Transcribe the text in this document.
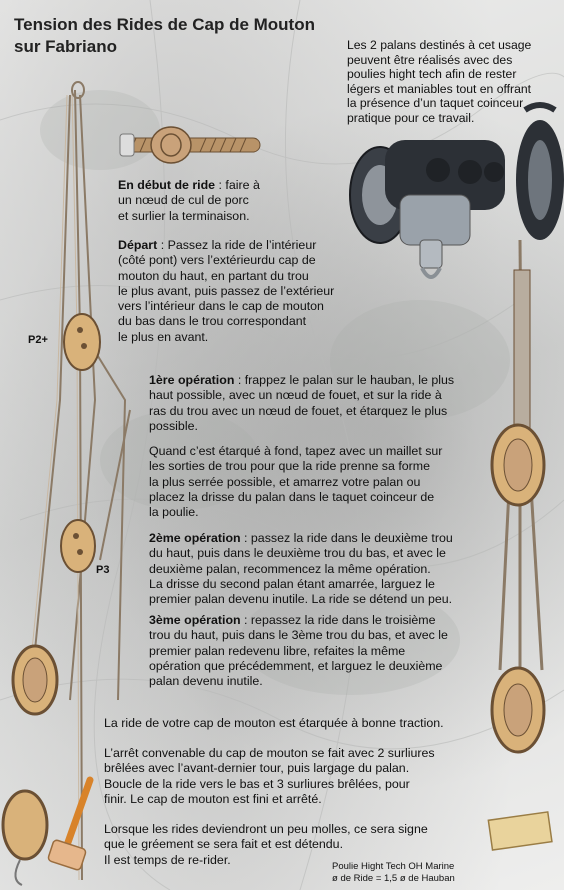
Tension des Rides de Cap de Mouton
sur Fabriano	Les 2 palans destinés à cet usage

peuvent être réalisés avec des

poulies hight tech afin de rester

légers et maniables tout en offrant

la présence d’un taquet coinceur

pratique pour ce travail.

P2+
P3

En début de ride : faire à

un nœud de cul de porc

et surlier la terminaison.

Départ : Passez la ride de l’intérieur

(côté pont) vers l’extérieurdu cap de

mouton du haut, en partant du trou

le plus avant, puis passez de l’extérieur

vers l’intérieur dans le cap de mouton

du bas dans le trou correspondant

le plus en avant.

1ère opération : frappez le palan sur le hauban, le plus

haut possible, avec un nœud de fouet, et sur la ride à

ras du trou avec un nœud de fouet, et étarquez le plus

possible.

Quand c’est étarqué à fond, tapez avec un maillet sur

les sorties de trou pour que la ride prenne sa forme

la plus serrée possible, et amarrez votre palan ou

placez la drisse du palan dans le taquet coinceur de

la poulie.

2ème opération : passez la ride dans le deuxième trou

du haut, puis dans le deuxième trou du bas, et avec le

deuxième palan, recommencez la même opération.

La drisse du second palan étant amarrée, larguez le

premier palan devenu inutile. La ride se détend un peu.

3ème opération : repassez la ride dans le troisième

trou du haut, puis dans le 3ème trou du bas, et avec le

premier palan redevenu libre, refaites la même

opération que précédemment, et larguez le deuxième

palan devenu inutile.

La ride de votre cap de mouton est étarquée à bonne traction.

L’arrêt convenable du cap de mouton se fait avec 2 surliures

brêlées avec l’avant-dernier tour, puis largage du palan.

Boucle de la ride vers le bas et 3 surliures brêlées, pour

finir. Le cap de mouton est fini et arrêté.

Lorsque les rides deviendront un peu molles, ce sera signe

que le gréement se sera fait et est détendu.

Il est temps de re-rider.	Poulie Hight Tech OH Marine
ø de Ride = 1,5 ø de Hauban
